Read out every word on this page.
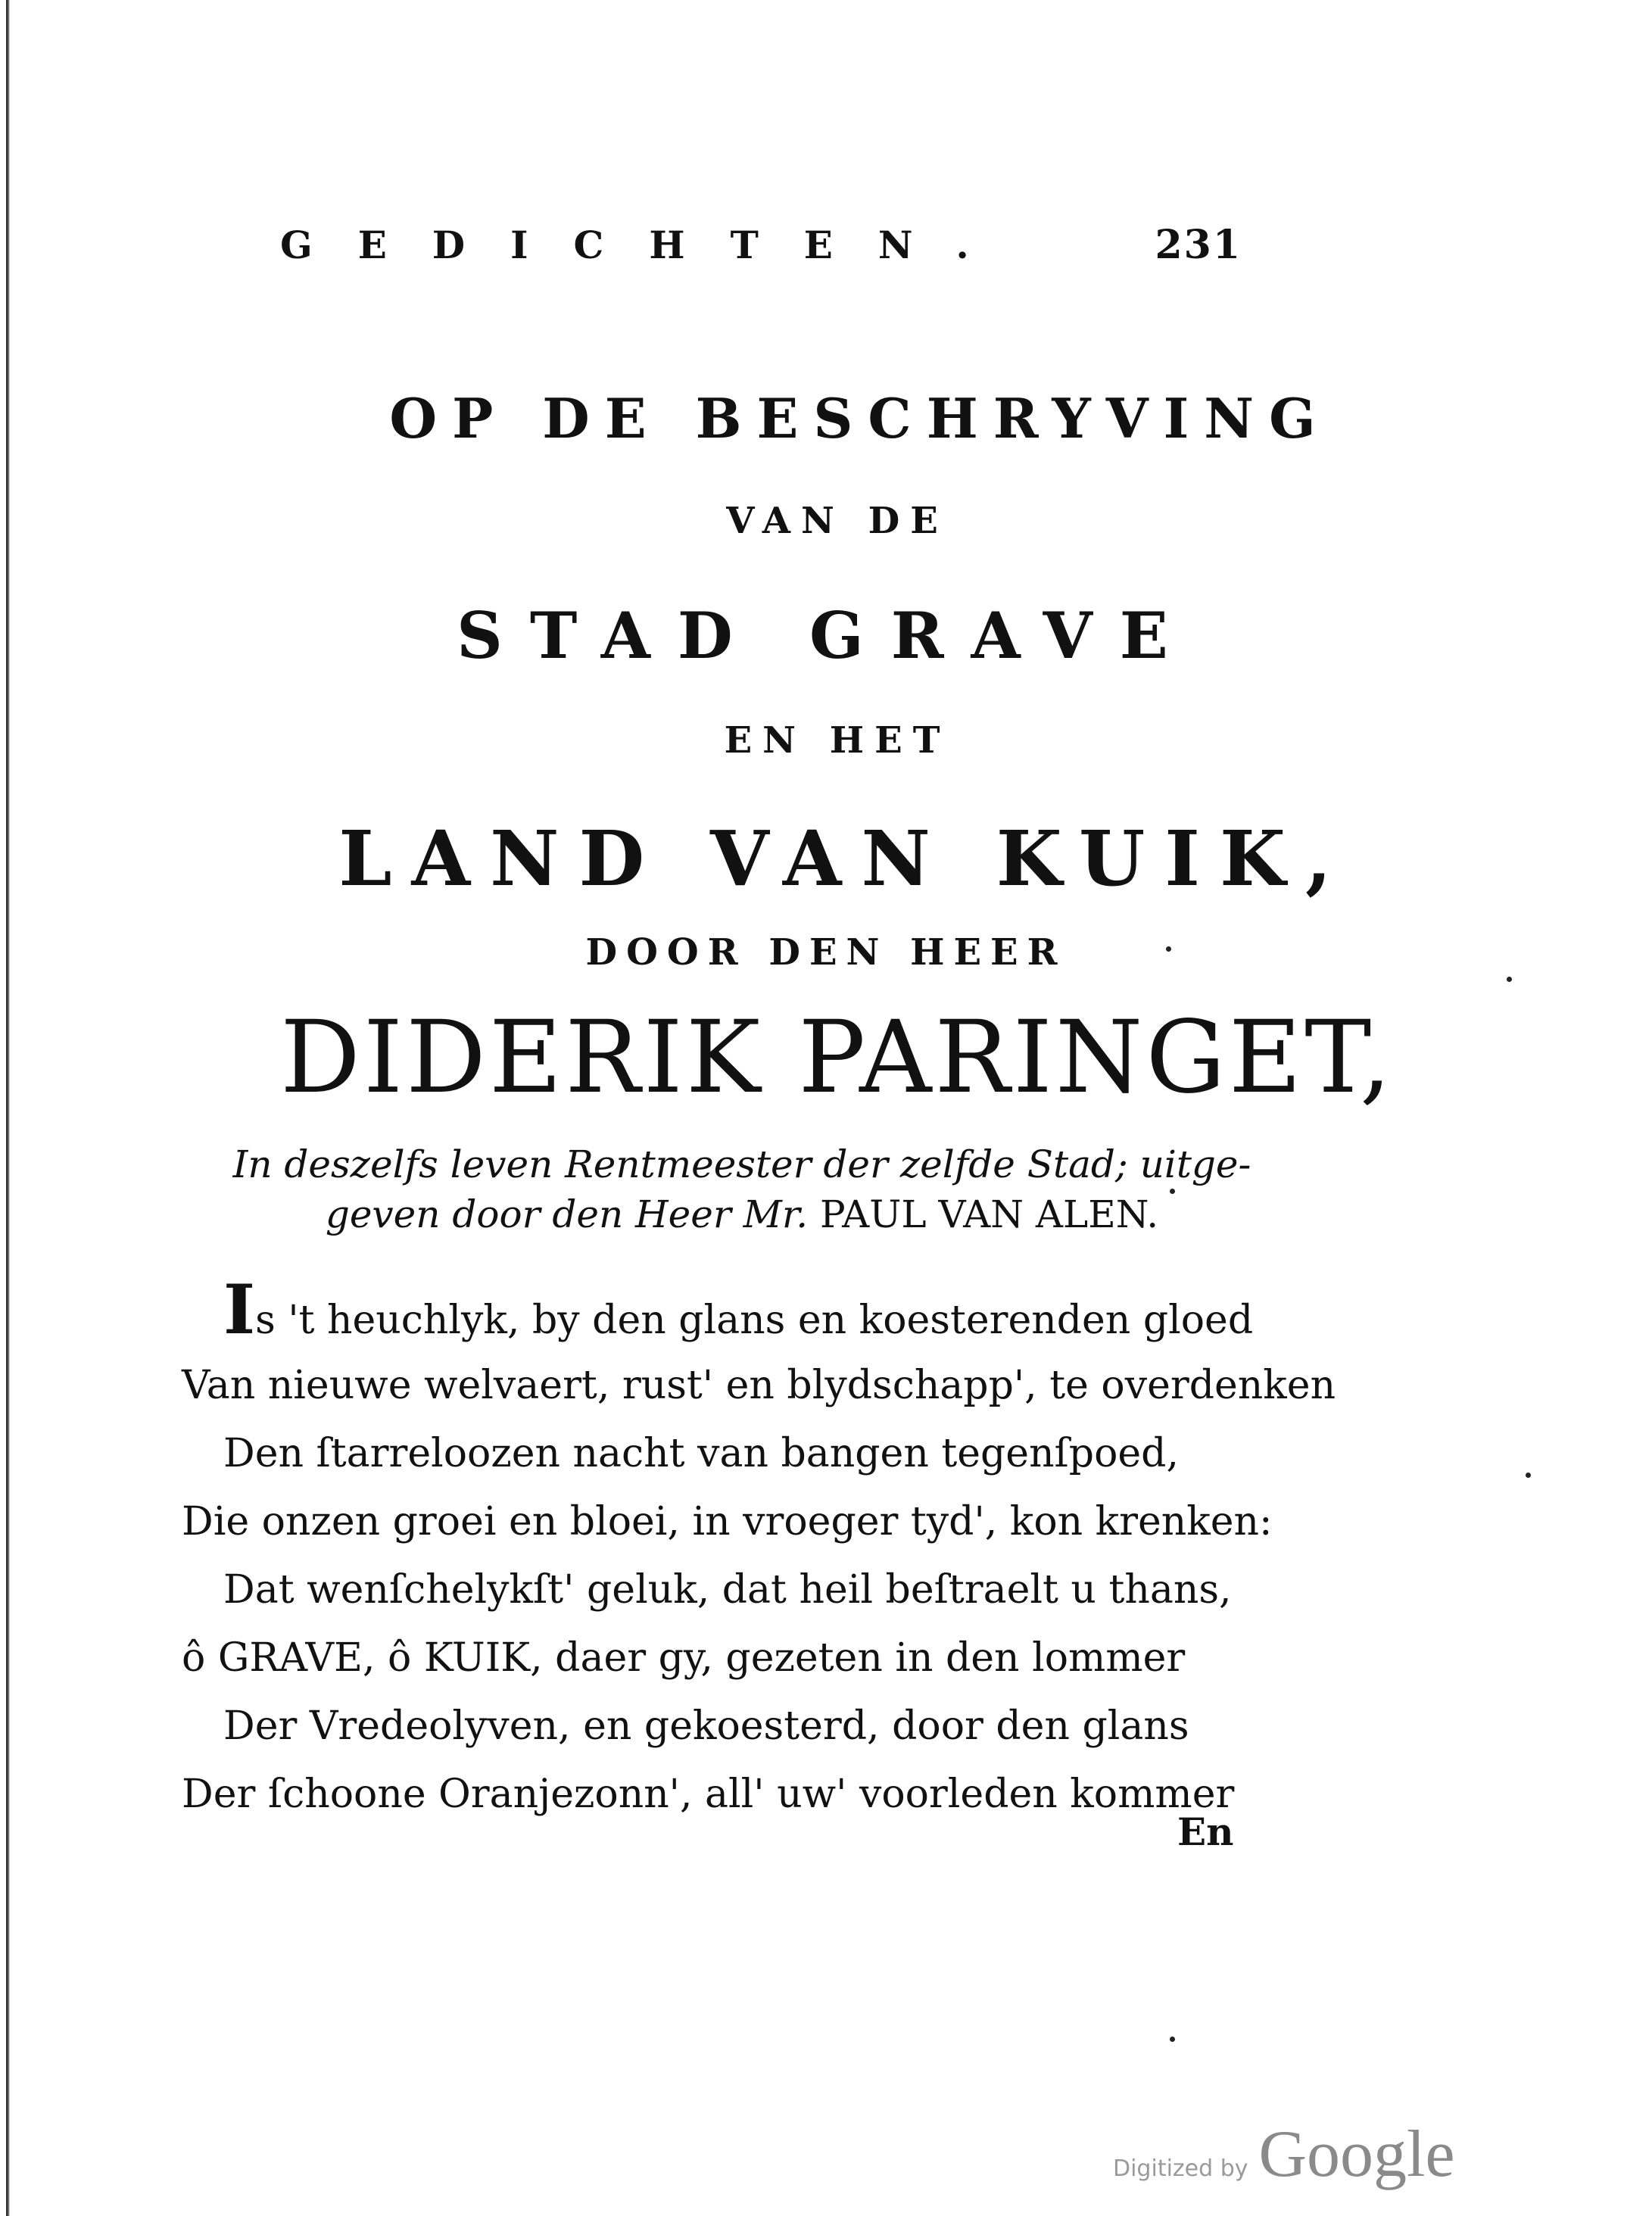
GEDICHTEN.	231
OP DE BESCHRYVING
VAN DE
STAD GRAVE
EN HET
LAND VAN KUIK,
DOOR DEN HEER
DIDERIK PARINGET,
In deszelfs leven Rentmeester der zelfde Stad; uitge-
geven door den Heer Mr. PAUL VAN ALEN.
Is 't heuchlyk, by den glans en koesterenden gloed
Van nieuwe welvaert, rust' en blydschapp', te overdenken
Den ſtarreloozen nacht van bangen tegenſpoed,
Die onzen groei en bloei, in vroeger tyd', kon krenken:
Dat wenſchelykſt' geluk, dat heil beſtraelt u thans,
ô GRAVE, ô KUIK, daer gy, gezeten in den lommer
Der Vredeolyven, en gekoesterd, door den glans
Der ſchoone Oranjezonn', all' uw' voorleden kommer
En
Digitized by Google
